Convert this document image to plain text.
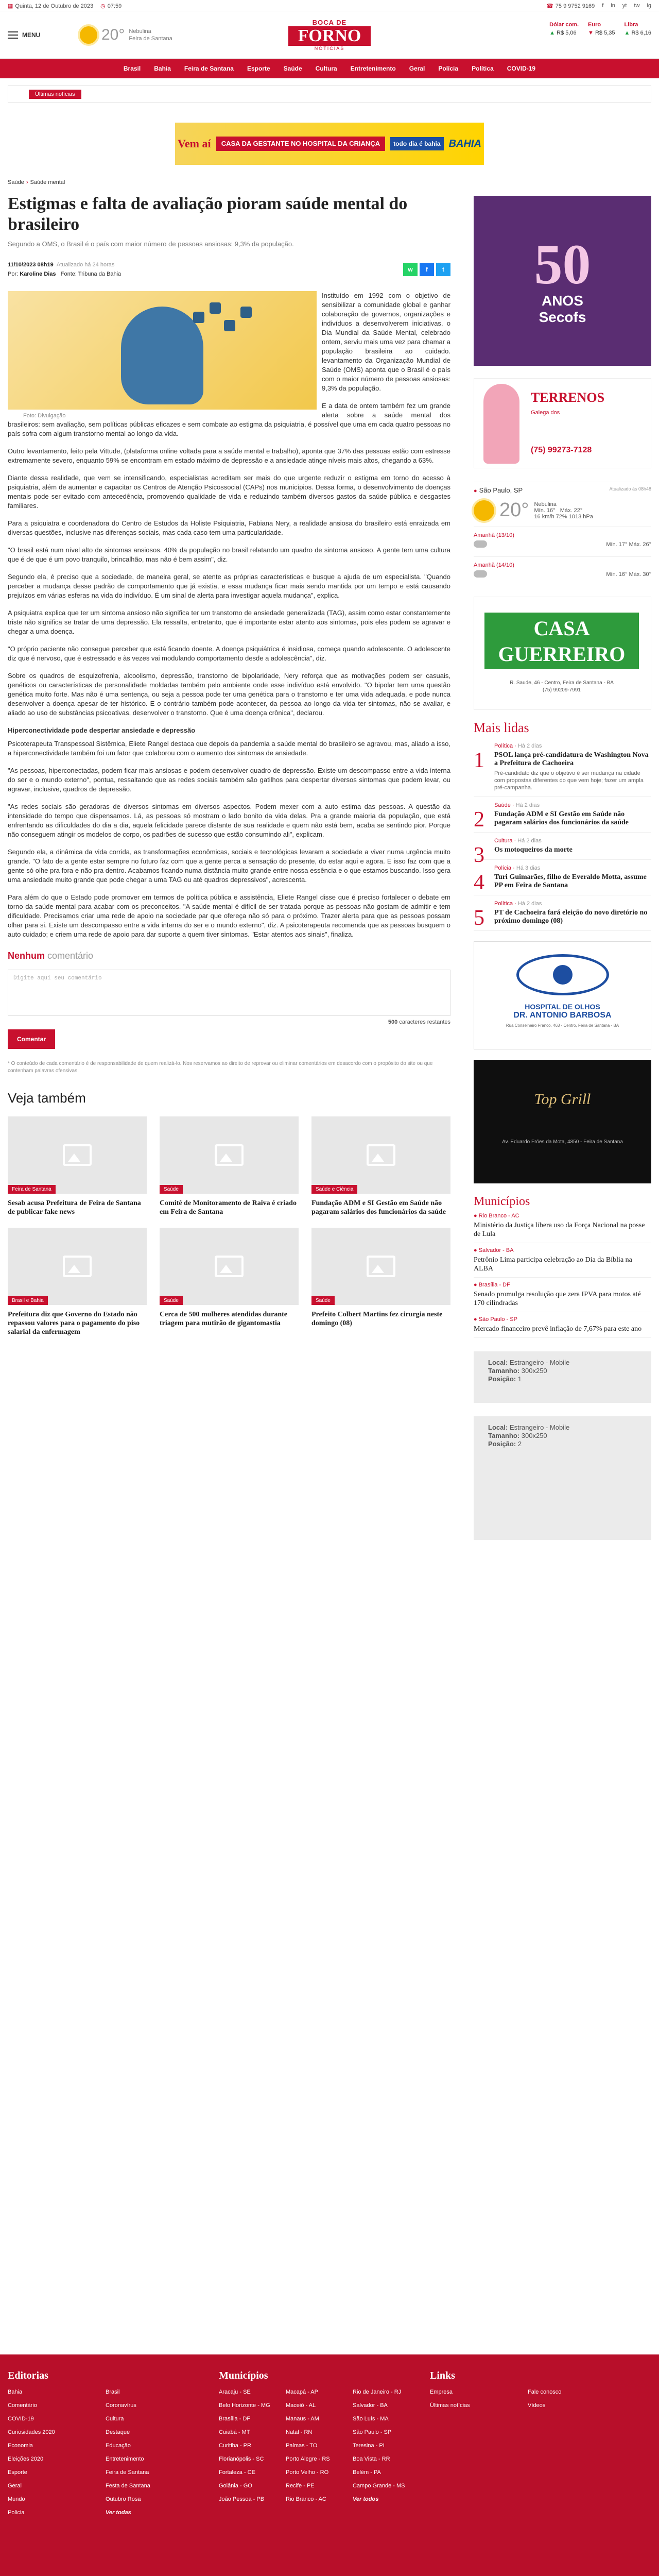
▦ Quinta, 12 de Outubro de 2023 ◷ 07:59	☎ 75 9 9752 9169 f in yt tw ig
MENU	20° Nebulina
Feira de Santana
BOCA DE
FORNO
NOTÍCIAS
Dólar com.
▲ R$ 5,06
Euro
▼ R$ 5,35
Libra
▲ R$ 6,16
Brasil Bahia Feira de Santana Esporte Saúde Cultura Entretenimento Geral Polícia Política COVID-19
Últimas notícias
Vem aí	CASA DA GESTANTE NO HOSPITAL DA CRIANÇA	todo dia é bahia BAHIA
Saúde › Saúde mental
Estigmas e falta de avaliação pioram saúde mental do brasileiro
Segundo a OMS, o Brasil é o país com maior número de pessoas ansiosas: 9,3% da população.
11/10/2023 08h19 Atualizado há 24 horas
Por: Karoline Dias Fonte: Tribuna da Bahia
w	f	t
Foto: Divulgação

Instituído em 1992 com o objetivo de sensibilizar a comunidade global e ganhar colaboração de governos, organizações e indivíduos a desenvolverem iniciativas, o Dia Mundial da Saúde Mental, celebrado ontem, serviu mais uma vez para chamar a população brasileira ao cuidado. levantamento da Organização Mundial de Saúde (OMS) aponta que o Brasil é o país com o maior número de pessoas ansiosas: 9,3% da população.

E a data de ontem também fez um grande alerta sobre a saúde mental dos brasileiros: sem avaliação, sem políticas públicas eficazes e sem combate ao estigma da psiquiatria, é possível que uma em cada quatro pessoas no país sofra com algum transtorno mental ao longo da vida.

Outro levantamento, feito pela Vittude, (plataforma online voltada para a saúde mental e trabalho), aponta que 37% das pessoas estão com estresse extremamente severo, enquanto 59% se encontram em estado máximo de depressão e a ansiedade atinge níveis mais altos, chegando a 63%.

Diante dessa realidade, que vem se intensificando, especialistas acreditam ser mais do que urgente reduzir o estigma em torno do acesso à psiquiatria, além de aumentar e capacitar os Centros de Atenção Psicossocial (CAPs) nos municípios. Dessa forma, o desenvolvimento de doenças mentais pode ser evitado com antecedência, promovendo qualidade de vida e reduzindo também diversos gastos da saúde pública e desgastes familiares.

Para a psiquiatra e coordenadora do Centro de Estudos da Holiste Psiquiatria, Fabiana Nery, a realidade ansiosa do brasileiro está enraizada em diversas questões, inclusive nas diferenças sociais, mas cada caso tem uma particularidade.

"O brasil está num nível alto de sintomas ansiosos. 40% da população no brasil relatando um quadro de sintoma ansioso. A gente tem uma cultura que é de que é um povo tranquilo, brincalhão, mas não é bem assim", diz.

Segundo ela, é preciso que a sociedade, de maneira geral, se atente as próprias características e busque a ajuda de um especialista. "Quando perceber a mudança desse padrão de comportamento que já existia, e essa mudança ficar mais sendo mantida por um tempo e está causando prejuízos em várias esferas na vida do indivíduo. É um sinal de alerta para investigar aquela mudança", explica.

A psiquiatra explica que ter um sintoma ansioso não significa ter um transtorno de ansiedade generalizada (TAG), assim como estar constantemente triste não significa se tratar de uma depressão. Ela ressalta, entretanto, que é importante estar atento aos sintomas, pois eles podem se agravar e chegar a uma doença.

"O próprio paciente não consegue perceber que está ficando doente. A doença psiquiátrica é insidiosa, começa quando adolescente. O adolescente diz que é nervoso, que é estressado e às vezes vai modulando comportamento desde a adolescência", diz.

Sobre os quadros de esquizofrenia, alcoolismo, depressão, transtorno de bipolaridade, Nery reforça que as motivações podem ser casuais, genéticos ou características de personalidade moldadas também pelo ambiente onde esse indivíduo está envolvido. "O bipolar tem uma questão genética muito forte. Mas não é uma sentença, ou seja a pessoa pode ter uma genética para o transtorno e ter uma vida adequada, e pode nunca desenvolver a doença apesar de ter histórico. E o contrário também pode acontecer, da pessoa ao longo da vida ter sintomas, não se avaliar, e aliado ao uso de substâncias psicoativas, desenvolver o transtorno. Que é uma doença crônica", declarou.

Hiperconectividade pode despertar ansiedade e depressão

Psicoterapeuta Transpessoal Sistêmica, Eliete Rangel destaca que depois da pandemia a saúde mental do brasileiro se agravou, mas, aliado a isso, a hiperconectividade também foi um fator que colaborou com o aumento dos sintomas de ansiedade.

"As pessoas, hiperconectadas, podem ficar mais ansiosas e podem desenvolver quadro de depressão. Existe um descompasso entre a vida interna do ser e o mundo externo", pontua, ressaltando que as redes sociais também são gatilhos para despertar diversos sintomas que podem levar, ou agravar, inclusive, quadros de depressão.

"As redes sociais são geradoras de diversos sintomas em diversos aspectos. Podem mexer com a auto estima das pessoas. A questão da intensidade do tempo que dispensamos. Lá, as pessoas só mostram o lado bonito da vida delas. Pra a grande maioria da população, que está enfrentando as dificuldades do dia a dia, aquela felicidade parece distante de sua realidade e quem não está bem, acaba se sentindo pior. Porque não conseguem atingir os modelos de corpo, os padrões de sucesso que estão consumindo ali", explicam.

Segundo ela, a dinâmica da vida corrida, as transformações econômicas, sociais e tecnológicas levaram a sociedade a viver numa urgência muito grande. "O fato de a gente estar sempre no futuro faz com que a gente perca a sensação do presente, do estar aqui e agora. E isso faz com que a gente só olhe pra fora e não pra dentro. Acabamos ficando numa distância muito grande entre nossa essência e o que estamos buscando. Isso gera uma ansiedade muito grande que pode chegar a uma TAG ou até quadros depressivos", acrescenta.

Para além do que o Estado pode promover em termos de política pública e assistência, Eliete Rangel disse que é preciso fortalecer o debate em torno da saúde mental para acabar com os preconceitos. "A saúde mental é difícil de ser tratada porque as pessoas não gostam de admitir e tem dificuldade. Precisamos criar uma rede de apoio na sociedade par que ofereça não só para o próximo. Trazer alerta para que as pessoas possam olhar para si. Existe um descompasso entre a vida interna do ser e o mundo externo", diz. A psicoterapeuta recomenda que as pessoas busquem o auto cuidado; e criem uma rede de apoio para dar suporte a quem tiver sintomas. "Estar atentos aos sinais", finaliza.

Nenhum comentário
Digite aqui seu comentário
500 caracteres restantes
Comentar
* O conteúdo de cada comentário é de responsabilidade de quem realizá-lo. Nos reservamos ao direito de reprovar ou eliminar comentários em desacordo com o propósito do site ou que contenham palavras ofensivas.
Veja também
Feira de Santana
Sesab acusa Prefeitura de Feira de Santana de publicar fake news
Saúde
Comitê de Monitoramento de Raiva é criado em Feira de Santana
Saúde e Ciência
Fundação ADM e SI Gestão em Saúde não pagaram salários dos funcionários da saúde
Brasil e Bahia
Prefeitura diz que Governo do Estado não repassou valores para o pagamento do piso salarial da enfermagem
Saúde
Cerca de 500 mulheres atendidas durante triagem para mutirão de gigantomastia
Saúde
Prefeito Colbert Martins fez cirurgia neste domingo (08)
50
ANOS
Secofs
Galega dos
TERRENOS
(75) 99273-7128
Atualizado às 08h48
● São Paulo, SP
20° Nebulina
Mín. 16° Máx. 22°
16 km/h 72% 1013 hPa
Amanhã (13/10)
Mín. 17° Máx. 26°
Amanhã (14/10)
Mín. 16° Máx. 30°
CASA GUERREIRO
R. Saude, 46 - Centro, Feira de Santana - BA
(75) 99209-7991
Mais lidas
1
Política · Há 2 dias
PSOL lança pré-candidatura de Washington Nova a Prefeitura de Cachoeira
Pré-candidato diz que o objetivo é ser mudança na cidade com propostas diferentes do que vem hoje; fazer um ampla pré-campanha.
2
Saúde · Há 2 dias
Fundação ADM e SI Gestão em Saúde não pagaram salários dos funcionários da saúde
3
Cultura · Há 2 dias
Os motoqueiros da morte
4
Polícia · Há 3 dias
Turi Guimarães, filho de Everaldo Motta, assume PP em Feira de Santana
5
Política · Há 2 dias
PT de Cachoeira fará eleição do novo diretório no próximo domingo (08)
HOSPITAL DE OLHOS
DR. ANTONIO BARBOSA
Rua Conselheiro Franco, 463 - Centro, Feira de Santana - BA
Top Grill
Av. Eduardo Fróes da Mota, 4850 - Feira de Santana
Municípios
● Rio Branco - AC
Ministério da Justiça libera uso da Força Nacional na posse de Lula
● Salvador - BA
Petrônio Lima participa celebração ao Dia da Bíblia na ALBA
● Brasília - DF
Senado promulga resolução que zera IPVA para motos até 170 cilindradas
● São Paulo - SP
Mercado financeiro prevê inflação de 7,67% para este ano
Local: Estrangeiro - Mobile
Tamanho: 300x250
Posição: 1
Local: Estrangeiro - Mobile
Tamanho: 300x250
Posição: 2
Editorias
Bahia
Comentário
COVID-19
Curiosidades 2020
Economia
Eleições 2020
Esporte
Geral
Mundo
Policia
Brasil
Coronavírus
Cultura
Destaque
Educação
Entretenimento
Feira de Santana
Festa de Santana
Outubro Rosa
Ver todas
Municípios
Aracaju - SE
Belo Horizonte - MG
Brasília - DF
Cuiabá - MT
Curitiba - PR
Florianópolis - SC
Fortaleza - CE
Goiânia - GO
João Pessoa - PB
Macapá - AP
Maceió - AL
Manaus - AM
Natal - RN
Palmas - TO
Porto Alegre - RS
Porto Velho - RO
Recife - PE
Rio Branco - AC
Rio de Janeiro - RJ
Salvador - BA
São Luís - MA
São Paulo - SP
Teresina - PI
Boa Vista - RR
Belém - PA
Campo Grande - MS
Ver todos
Links
Empresa
Últimas notícias
Fale conosco
Vídeos
